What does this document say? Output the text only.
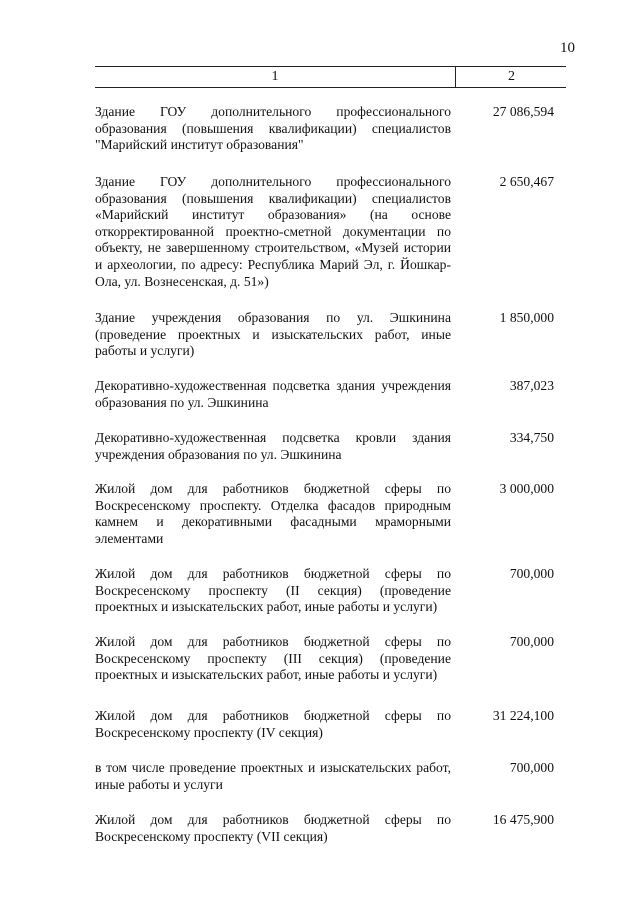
10
1	2
Здание ГОУ дополнительного профессионального образования (повышения квалификации) специалистов "Марийский институт образования"
27 086,594
Здание ГОУ дополнительного профессионального образования (повышения квалификации) специалистов «Марийский институт образования» (на основе откорректированной проектно-сметной документации по объекту, не завершенному строительством, «Музей истории и археологии, по адресу: Республика Марий Эл, г. Йошкар-Ола, ул. Вознесенская, д. 51»)
2 650,467
Здание учреждения образования по ул. Эшкинина (проведение проектных и изыскательских работ, иные работы и услуги)
1 850,000
Декоративно-художественная подсветка здания учреждения образования по ул. Эшкинина
387,023
Декоративно-художественная подсветка кровли здания учреждения образования по ул. Эшкинина
334,750
Жилой дом для работников бюджетной сферы по Воскресенскому проспекту. Отделка фасадов природным камнем и декоративными фасадными мраморными элементами
3 000,000
Жилой дом для работников бюджетной сферы по Воскресенскому проспекту (II секция) (проведение проектных и изыскательских работ, иные работы и услуги)
700,000
Жилой дом для работников бюджетной сферы по Воскресенскому проспекту (III секция) (проведение проектных и изыскательских работ, иные работы и услуги)
700,000
Жилой дом для работников бюджетной сферы по Воскресенскому проспекту (IV секция)
31 224,100
в том числе проведение проектных и изыскательских работ, иные работы и услуги
700,000
Жилой дом для работников бюджетной сферы по Воскресенскому проспекту (VII секция)
16 475,900
